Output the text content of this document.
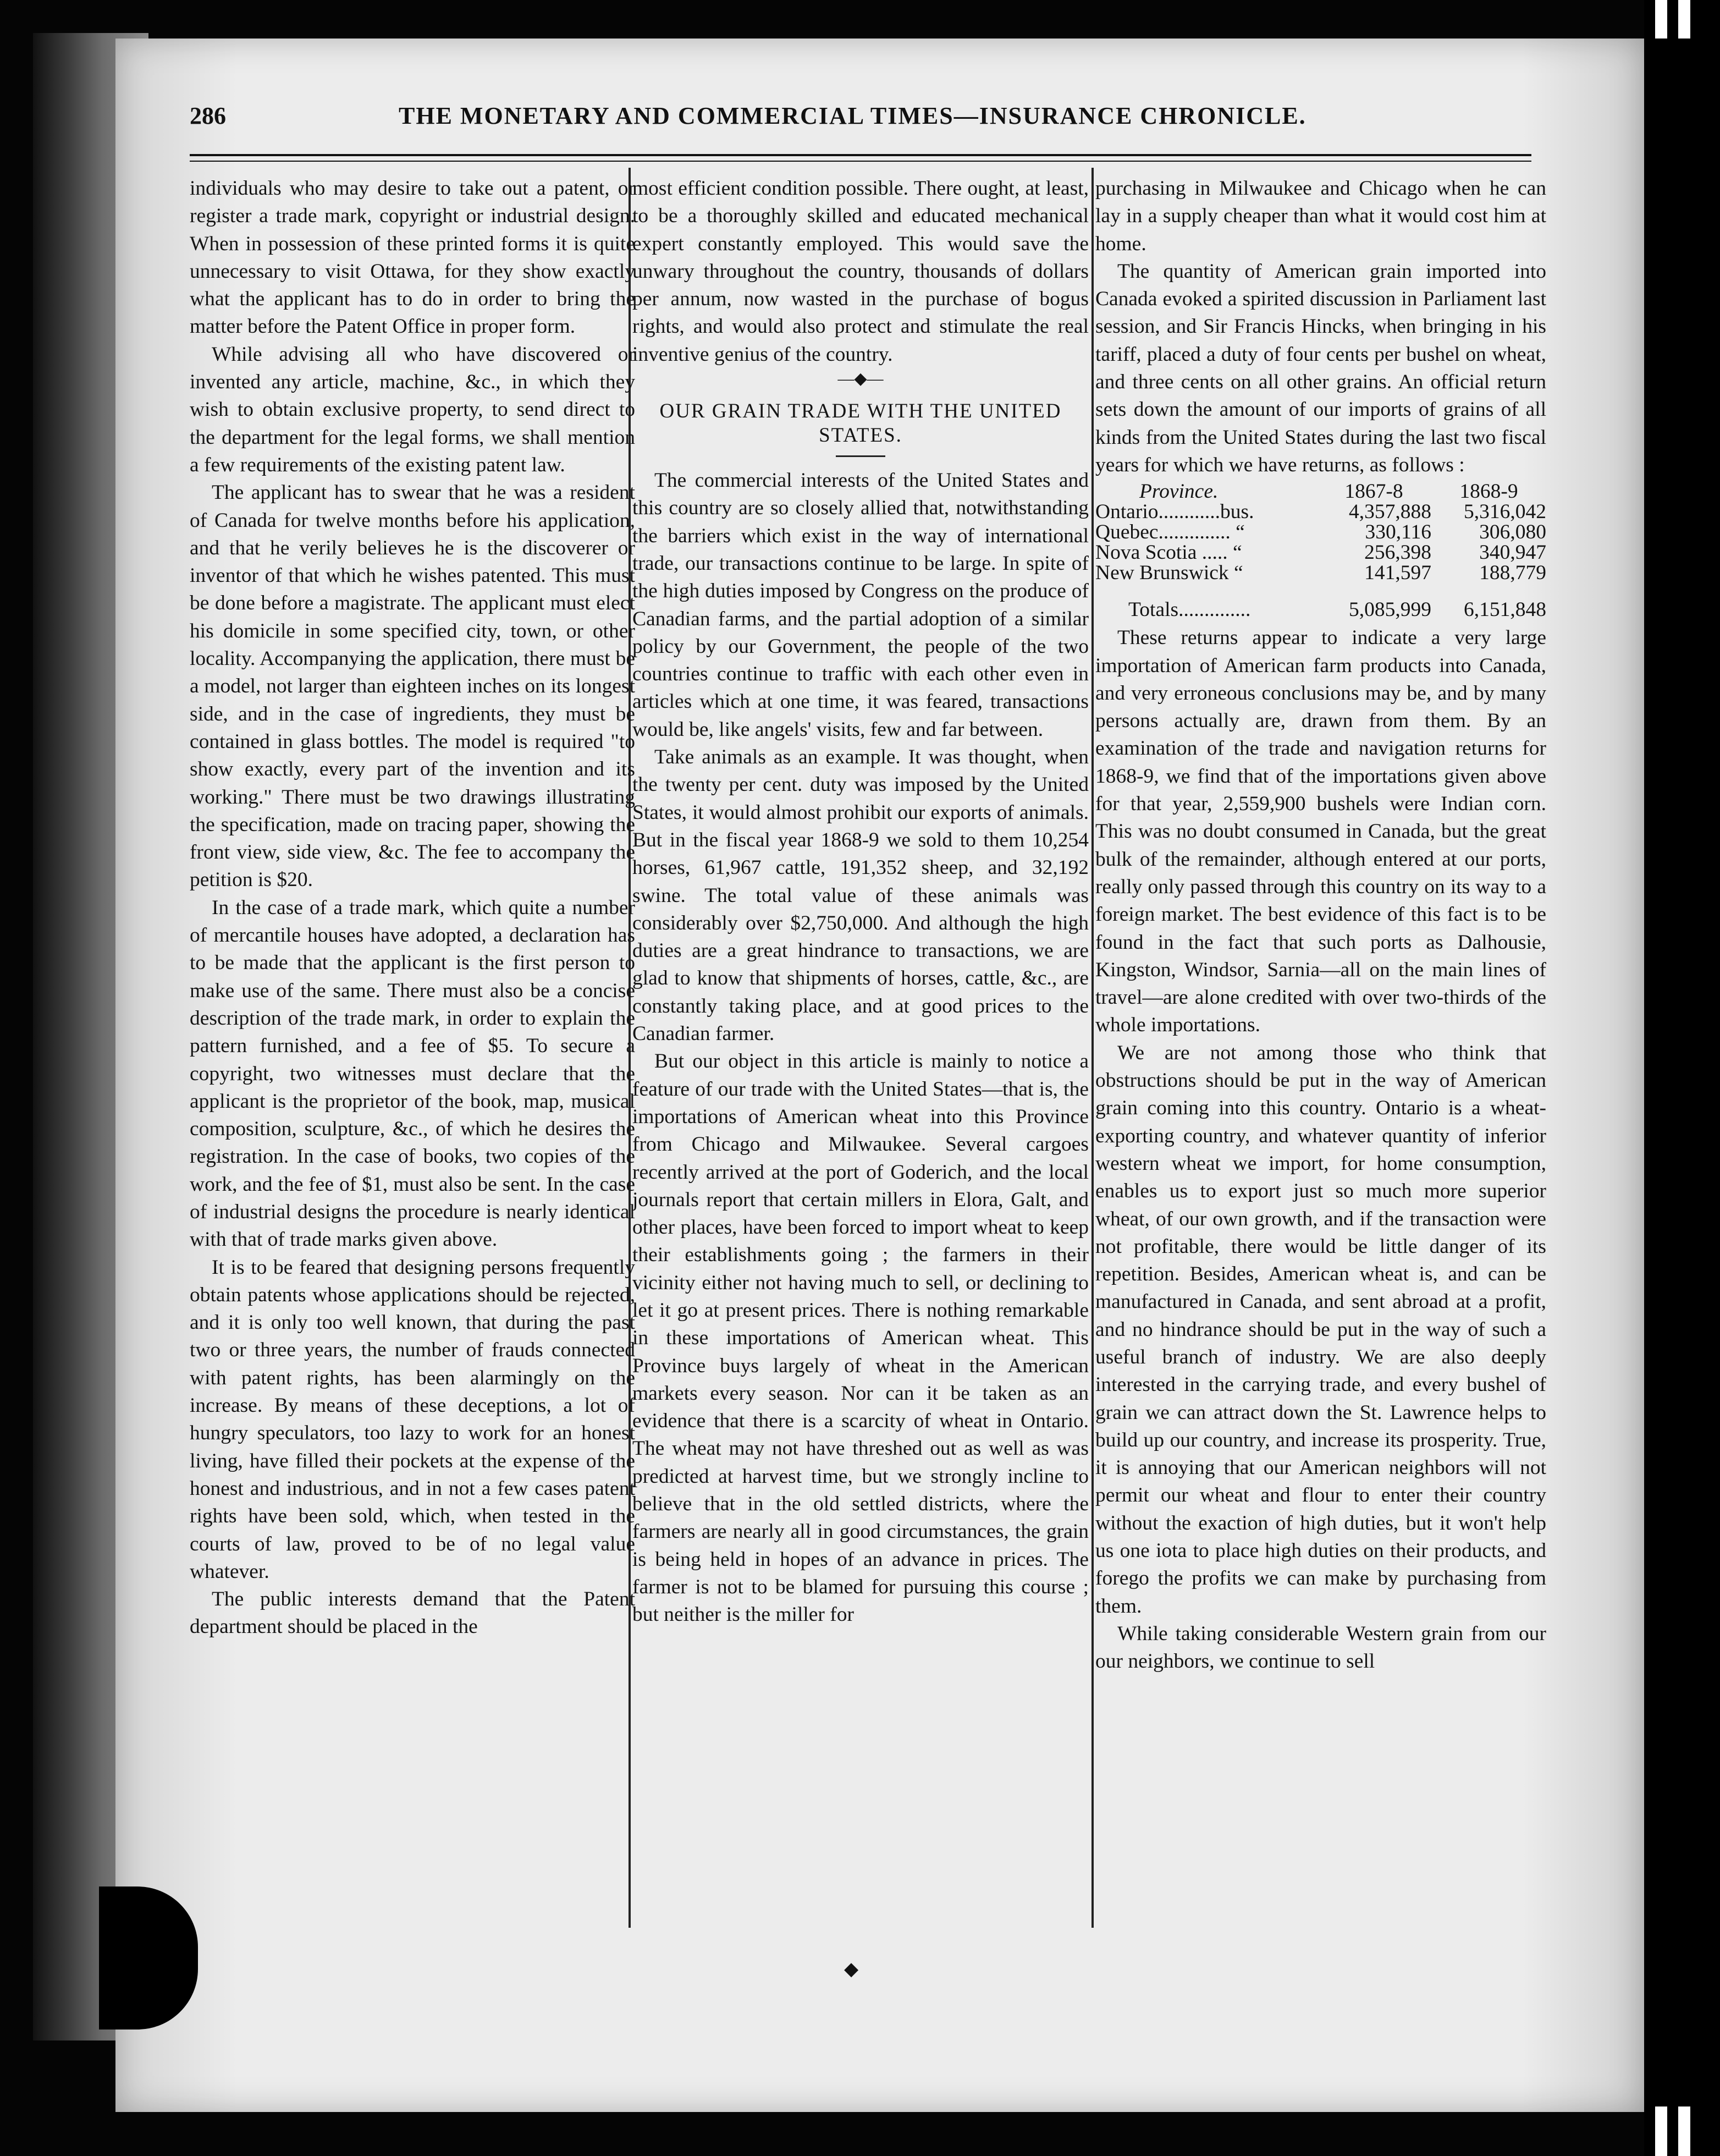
286	THE MONETARY AND COMMERCIAL TIMES—INSURANCE CHRONICLE.

individuals who may desire to take out a patent, or register a trade mark, copyright or industrial design. When in possession of these printed forms it is quite unnecessary to visit Ottawa, for they show exactly what the applicant has to do in order to bring the matter before the Patent Office in proper form.

While advising all who have discovered or invented any article, machine, &c., in which they wish to obtain exclusive property, to send direct to the department for the legal forms, we shall mention a few requirements of the existing patent law.

The applicant has to swear that he was a resident of Canada for twelve months before his application, and that he verily believes he is the discoverer or inventor of that which he wishes patented. This must be done before a magistrate. The applicant must elect his domicile in some specified city, town, or other locality. Accompanying the application, there must be a model, not larger than eighteen inches on its longest side, and in the case of ingredients, they must be contained in glass bottles. The model is required "to show exactly, every part of the invention and its working." There must be two drawings illustrating the specification, made on tracing paper, showing the front view, side view, &c. The fee to accompany the petition is $20.

In the case of a trade mark, which quite a number of mercantile houses have adopted, a declaration has to be made that the applicant is the first person to make use of the same. There must also be a concise description of the trade mark, in order to explain the pattern furnished, and a fee of $5. To secure a copyright, two witnesses must declare that the applicant is the proprietor of the book, map, musical composition, sculpture, &c., of which he desires the registration. In the case of books, two copies of the work, and the fee of $1, must also be sent. In the case of industrial designs the procedure is nearly identical with that of trade marks given above.

It is to be feared that designing persons frequently obtain patents whose applications should be rejected, and it is only too well known, that during the past two or three years, the number of frauds connected with patent rights, has been alarmingly on the increase. By means of these deceptions, a lot of hungry speculators, too lazy to work for an honest living, have filled their pockets at the expense of the honest and industrious, and in not a few cases patent rights have been sold, which, when tested in the courts of law, proved to be of no legal value whatever.

The public interests demand that the Patent department should be placed in the

most efficient condition possible. There ought, at least, to be a thoroughly skilled and educated mechanical expert constantly employed. This would save the unwary throughout the country, thousands of dollars per annum, now wasted in the purchase of bogus rights, and would also protect and stimulate the real inventive genius of the country.

—◆—
OUR GRAIN TRADE WITH THE UNITED STATES.

The commercial interests of the United States and this country are so closely allied that, notwithstanding the barriers which exist in the way of international trade, our transactions continue to be large. In spite of the high duties imposed by Congress on the produce of Canadian farms, and the partial adoption of a similar policy by our Government, the people of the two countries continue to traffic with each other even in articles which at one time, it was feared, transactions would be, like angels' visits, few and far between.

Take animals as an example. It was thought, when the twenty per cent. duty was imposed by the United States, it would almost prohibit our exports of animals. But in the fiscal year 1868-9 we sold to them 10,254 horses, 61,967 cattle, 191,352 sheep, and 32,192 swine. The total value of these animals was considerably over $2,750,000. And although the high duties are a great hindrance to transactions, we are glad to know that shipments of horses, cattle, &c., are constantly taking place, and at good prices to the Canadian farmer.

But our object in this article is mainly to notice a feature of our trade with the United States—that is, the importations of American wheat into this Province from Chicago and Milwaukee. Several cargoes recently arrived at the port of Goderich, and the local journals report that certain millers in Elora, Galt, and other places, have been forced to import wheat to keep their establishments going ; the farmers in their vicinity either not having much to sell, or declining to let it go at present prices. There is nothing remarkable in these importations of American wheat. This Province buys largely of wheat in the American markets every season. Nor can it be taken as an evidence that there is a scarcity of wheat in Ontario. The wheat may not have threshed out as well as was predicted at harvest time, but we strongly incline to believe that in the old settled districts, where the farmers are nearly all in good circumstances, the grain is being held in hopes of an advance in prices. The farmer is not to be blamed for pursuing this course ; but neither is the miller for

purchasing in Milwaukee and Chicago when he can lay in a supply cheaper than what it would cost him at home.

The quantity of American grain imported into Canada evoked a spirited discussion in Parliament last session, and Sir Francis Hincks, when bringing in his tariff, placed a duty of four cents per bushel on wheat, and three cents on all other grains. An official return sets down the amount of our imports of grains of all kinds from the United States during the last two fiscal years for which we have returns, as follows :

Province.	1867-8	1868-9
Ontario............bus.	4,357,888	5,316,042
Quebec.............. “	330,116	306,080
Nova Scotia ..... “	256,398	340,947
New Brunswick “	141,597	188,779
Totals..............	5,085,999	6,151,848

These returns appear to indicate a very large importation of American farm products into Canada, and very erroneous conclusions may be, and by many persons actually are, drawn from them. By an examination of the trade and navigation returns for 1868-9, we find that of the importations given above for that year, 2,559,900 bushels were Indian corn. This was no doubt consumed in Canada, but the great bulk of the remainder, although entered at our ports, really only passed through this country on its way to a foreign market. The best evidence of this fact is to be found in the fact that such ports as Dalhousie, Kingston, Windsor, Sarnia—all on the main lines of travel—are alone credited with over two-thirds of the whole importations.

We are not among those who think that obstructions should be put in the way of American grain coming into this country. Ontario is a wheat-exporting country, and whatever quantity of inferior western wheat we import, for home consumption, enables us to export just so much more superior wheat, of our own growth, and if the transaction were not profitable, there would be little danger of its repetition. Besides, American wheat is, and can be manufactured in Canada, and sent abroad at a profit, and no hindrance should be put in the way of such a useful branch of industry. We are also deeply interested in the carrying trade, and every bushel of grain we can attract down the St. Lawrence helps to build up our country, and increase its prosperity. True, it is annoying that our American neighbors will not permit our wheat and flour to enter their country without the exaction of high duties, but it won't help us one iota to place high duties on their products, and forego the profits we can make by purchasing from them.

While taking considerable Western grain from our our neighbors, we continue to sell

◆
